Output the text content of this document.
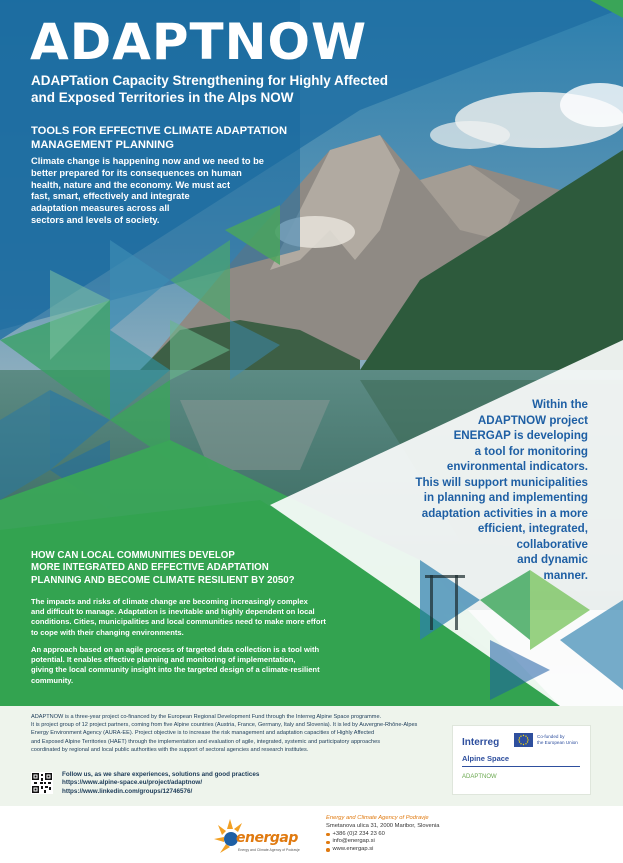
ADAPTNOW
ADAPTation Capacity Strengthening for Highly Affected
and Exposed Territories in the Alps NOW
TOOLS FOR EFFECTIVE CLIMATE ADAPTATION
MANAGEMENT PLANNING
Climate change is happening now and we need to be
better prepared for its consequences on human
health, nature and the economy. We must act
fast, smart, effectively and integrate
adaptation measures across all
sectors and levels of society.
Within the
ADAPTNOW project
ENERGAP is developing
a tool for monitoring
environmental indicators.
This will support municipalities
in planning and implementing
adaptation activities in a more
efficient, integrated,
collaborative
and dynamic
manner.
HOW CAN LOCAL COMMUNITIES DEVELOP
MORE INTEGRATED AND EFFECTIVE ADAPTATION
PLANNING AND BECOME CLIMATE RESILIENT BY 2050?
The impacts and risks of climate change are becoming increasingly complex
and difficult to manage. Adaptation is inevitable and highly dependent on local
conditions. Cities, municipalities and local communities need to make more effort
to cope with their changing environments.
An approach based on an agile process of targeted data collection is a tool with
potential. It enables effective planning and monitoring of implementation,
giving the local community insight into the targeted design of a climate-resilient
community.
ADAPTNOW is a three-year project co-financed by the European Regional Development Fund through the Interreg Alpine Space programme.
It is project group of 12 project partners, coming from five Alpine countries (Austria, France, Germany, Italy and Slovenia). It is led by Auvergne-Rhône-Alpes
Energy Environment Agency (AURA-EE). Project objective is to increase the risk management and adaptation capacities of Highly Affected
and Exposed Alpine Territories (HAET) through the implementation and evaluation of agile, integrated, systemic and participatory approaches
coordinated by regional and local public authorities with the support of sectoral agencies and research institutes.
Follow us, as we share experiences, solutions and good practices
https://www.alpine-space.eu/project/adaptnow/
https://www.linkedin.com/groups/12746576/
Interreg
Co-funded by
the European Union
Alpine Space
ADAPTNOW
energap
Energy and Climate Agency of Podravje
Energy and Climate Agency of Podravje
Smetanova ulica 31, 2000 Maribor, Slovenia
+386 (0)2 234 23 60
info@energap.si
www.energap.si
